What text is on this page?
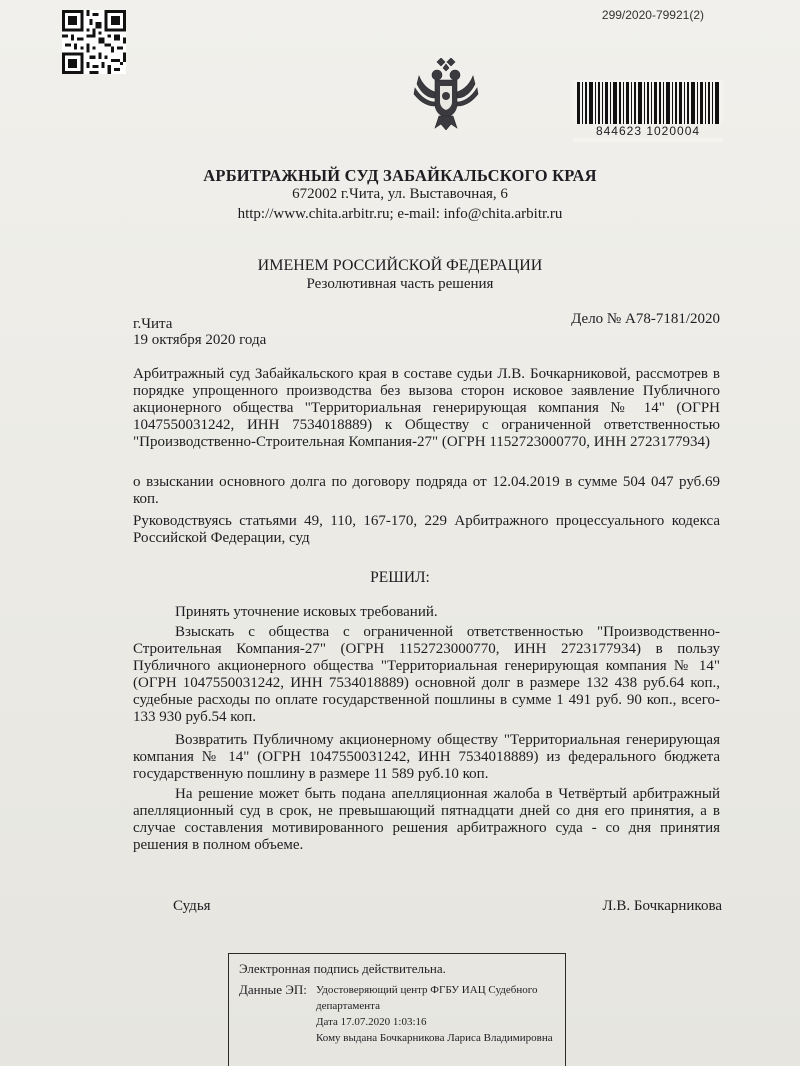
299/2020-79921(2)
844623 1020004
АРБИТРАЖНЫЙ СУД ЗАБАЙКАЛЬСКОГО КРАЯ
672002 г.Чита, ул. Выставочная, 6
http://www.chita.arbitr.ru; e-mail: info@chita.arbitr.ru
ИМЕНЕМ РОССИЙСКОЙ ФЕДЕРАЦИИ
Резолютивная часть решения
г.Чита
19 октября 2020 года
Дело № А78-7181/2020
Арбитражный суд Забайкальского края в составе судьи Л.В. Бочкарниковой, рассмотрев в порядке упрощенного производства без вызова сторон исковое заявление Публичного акционерного общества "Территориальная генерирующая компания № 14" (ОГРН 1047550031242, ИНН 7534018889) к Обществу с ограниченной ответственностью "Производственно-Строительная Компания-27" (ОГРН 1152723000770, ИНН 2723177934)
о взыскании основного долга по договору подряда от 12.04.2019 в сумме 504 047 руб.69 коп.
Руководствуясь статьями 49, 110, 167-170, 229 Арбитражного процессуального кодекса Российской Федерации, суд
РЕШИЛ:
Принять уточнение исковых требований.
Взыскать с общества с ограниченной ответственностью "Производственно-Строительная Компания-27" (ОГРН 1152723000770, ИНН 2723177934) в пользу Публичного акционерного общества "Территориальная генерирующая компания № 14" (ОГРН 1047550031242, ИНН 7534018889) основной долг в размере 132 438 руб.64 коп., судебные расходы по оплате государственной пошлины в сумме 1 491 руб. 90 коп., всего- 133 930 руб.54 коп.
Возвратить Публичному акционерному обществу "Территориальная генерирующая компания № 14" (ОГРН 1047550031242, ИНН 7534018889) из федерального бюджета государственную пошлину в размере 11 589 руб.10 коп.
На решение может быть подана апелляционная жалоба в Четвёртый арбитражный апелляционный суд в срок, не превышающий пятнадцати дней со дня его принятия, а в случае составления мотивированного решения арбитражного суда - со дня принятия решения в полном объеме.
Судья	Л.В. Бочкарникова
Электронная подпись действительна.
Данные ЭП: Удостоверяющий центр ФГБУ ИАЦ Судебного департамента
Дата 17.07.2020 1:03:16
Кому выдана Бочкарникова Лариса Владимировна
